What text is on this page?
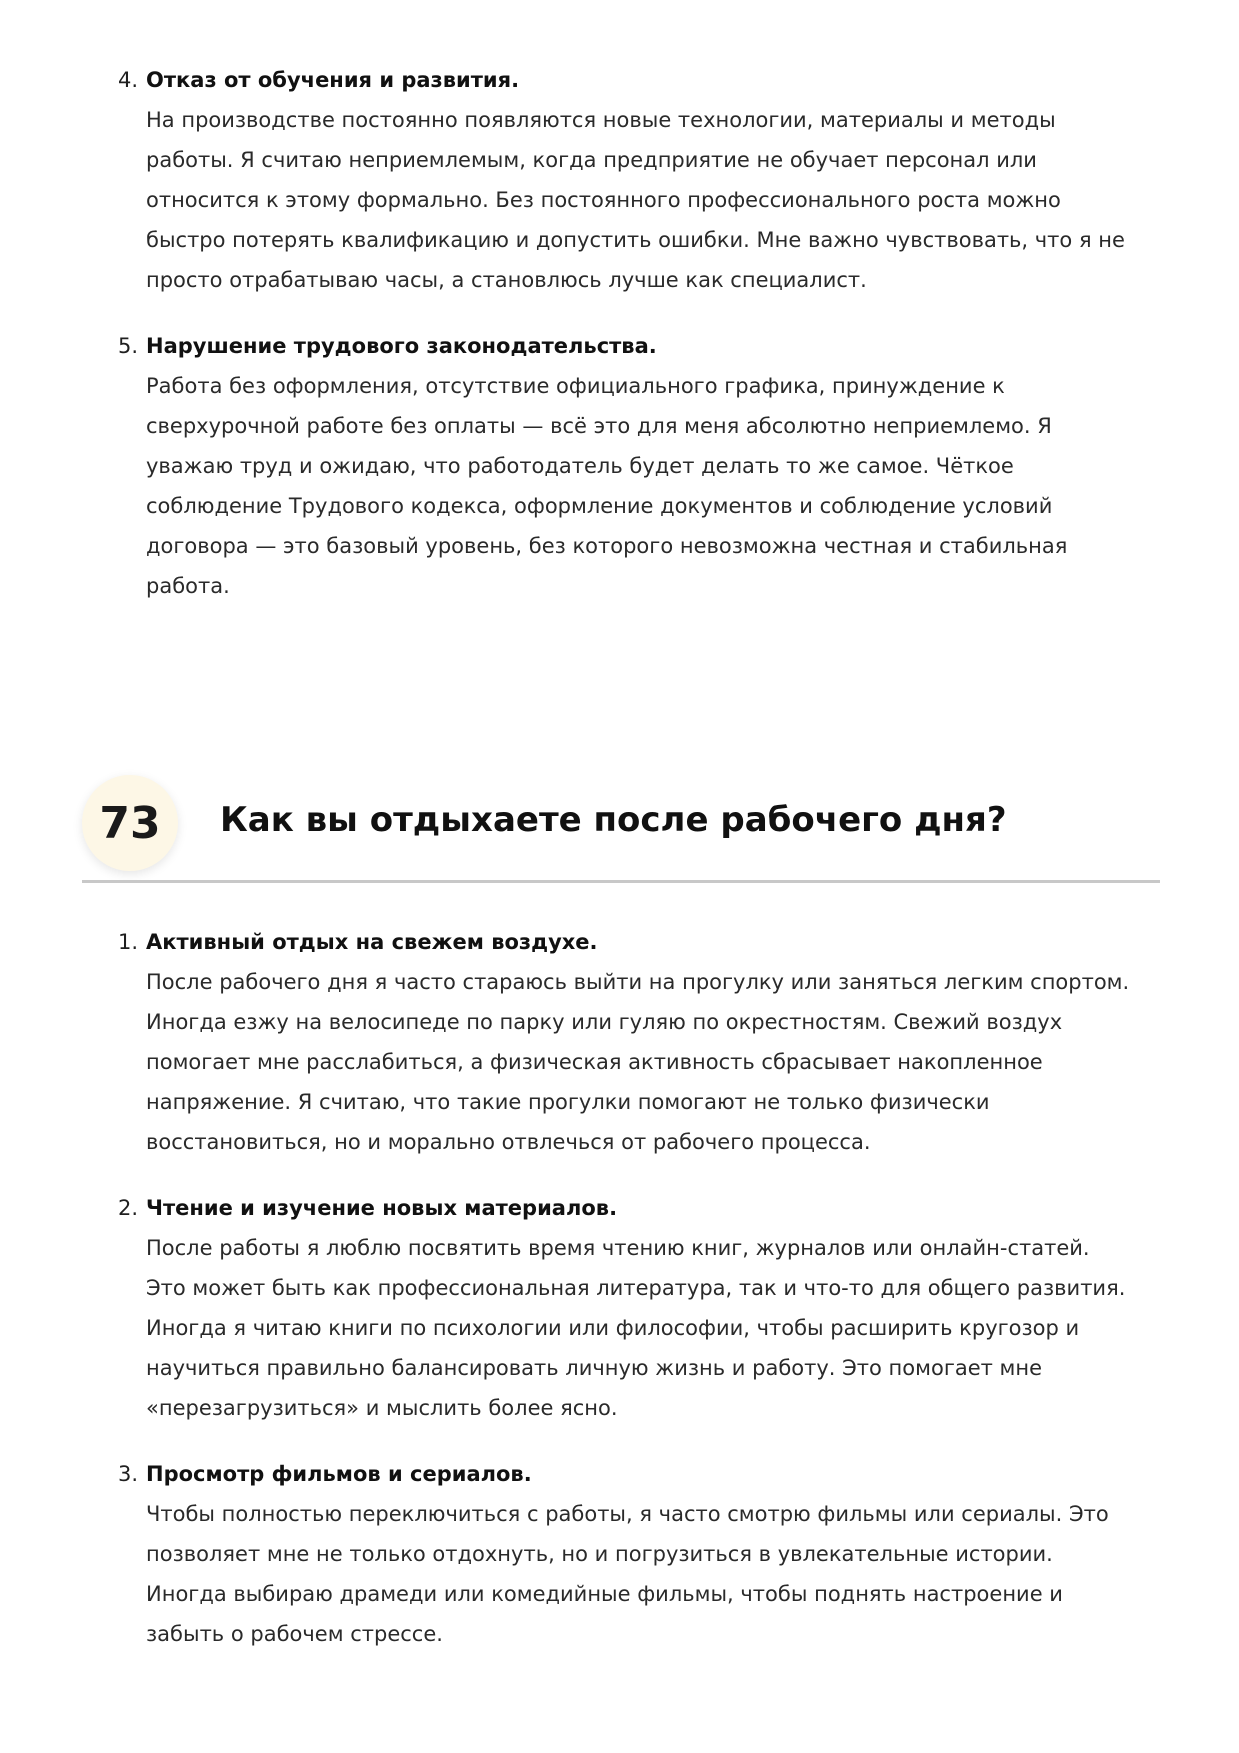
4. Отказ от обучения и развития.
На производстве постоянно появляются новые технологии, материалы и методы
работы. Я считаю неприемлемым, когда предприятие не обучает персонал или
относится к этому формально. Без постоянного профессионального роста можно
быстро потерять квалификацию и допустить ошибки. Мне важно чувствовать, что я не
просто отрабатываю часы, а становлюсь лучше как специалист.
5. Нарушение трудового законодательства.
Работа без оформления, отсутствие официального графика, принуждение к
сверхурочной работе без оплаты — всё это для меня абсолютно неприемлемо. Я
уважаю труд и ожидаю, что работодатель будет делать то же самое. Чёткое
соблюдение Трудового кодекса, оформление документов и соблюдение условий
договора — это базовый уровень, без которого невозможна честная и стабильная
работа.
73	Как вы отдыхаете после рабочего дня?
1. Активный отдых на свежем воздухе.
После рабочего дня я часто стараюсь выйти на прогулку или заняться легким спортом.
Иногда езжу на велосипеде по парку или гуляю по окрестностям. Свежий воздух
помогает мне расслабиться, а физическая активность сбрасывает накопленное
напряжение. Я считаю, что такие прогулки помогают не только физически
восстановиться, но и морально отвлечься от рабочего процесса.
2. Чтение и изучение новых материалов.
После работы я люблю посвятить время чтению книг, журналов или онлайн-статей.
Это может быть как профессиональная литература, так и что-то для общего развития.
Иногда я читаю книги по психологии или философии, чтобы расширить кругозор и
научиться правильно балансировать личную жизнь и работу. Это помогает мне
«перезагрузиться» и мыслить более ясно.
3. Просмотр фильмов и сериалов.
Чтобы полностью переключиться с работы, я часто смотрю фильмы или сериалы. Это
позволяет мне не только отдохнуть, но и погрузиться в увлекательные истории.
Иногда выбираю драмеди или комедийные фильмы, чтобы поднять настроение и
забыть о рабочем стрессе.
